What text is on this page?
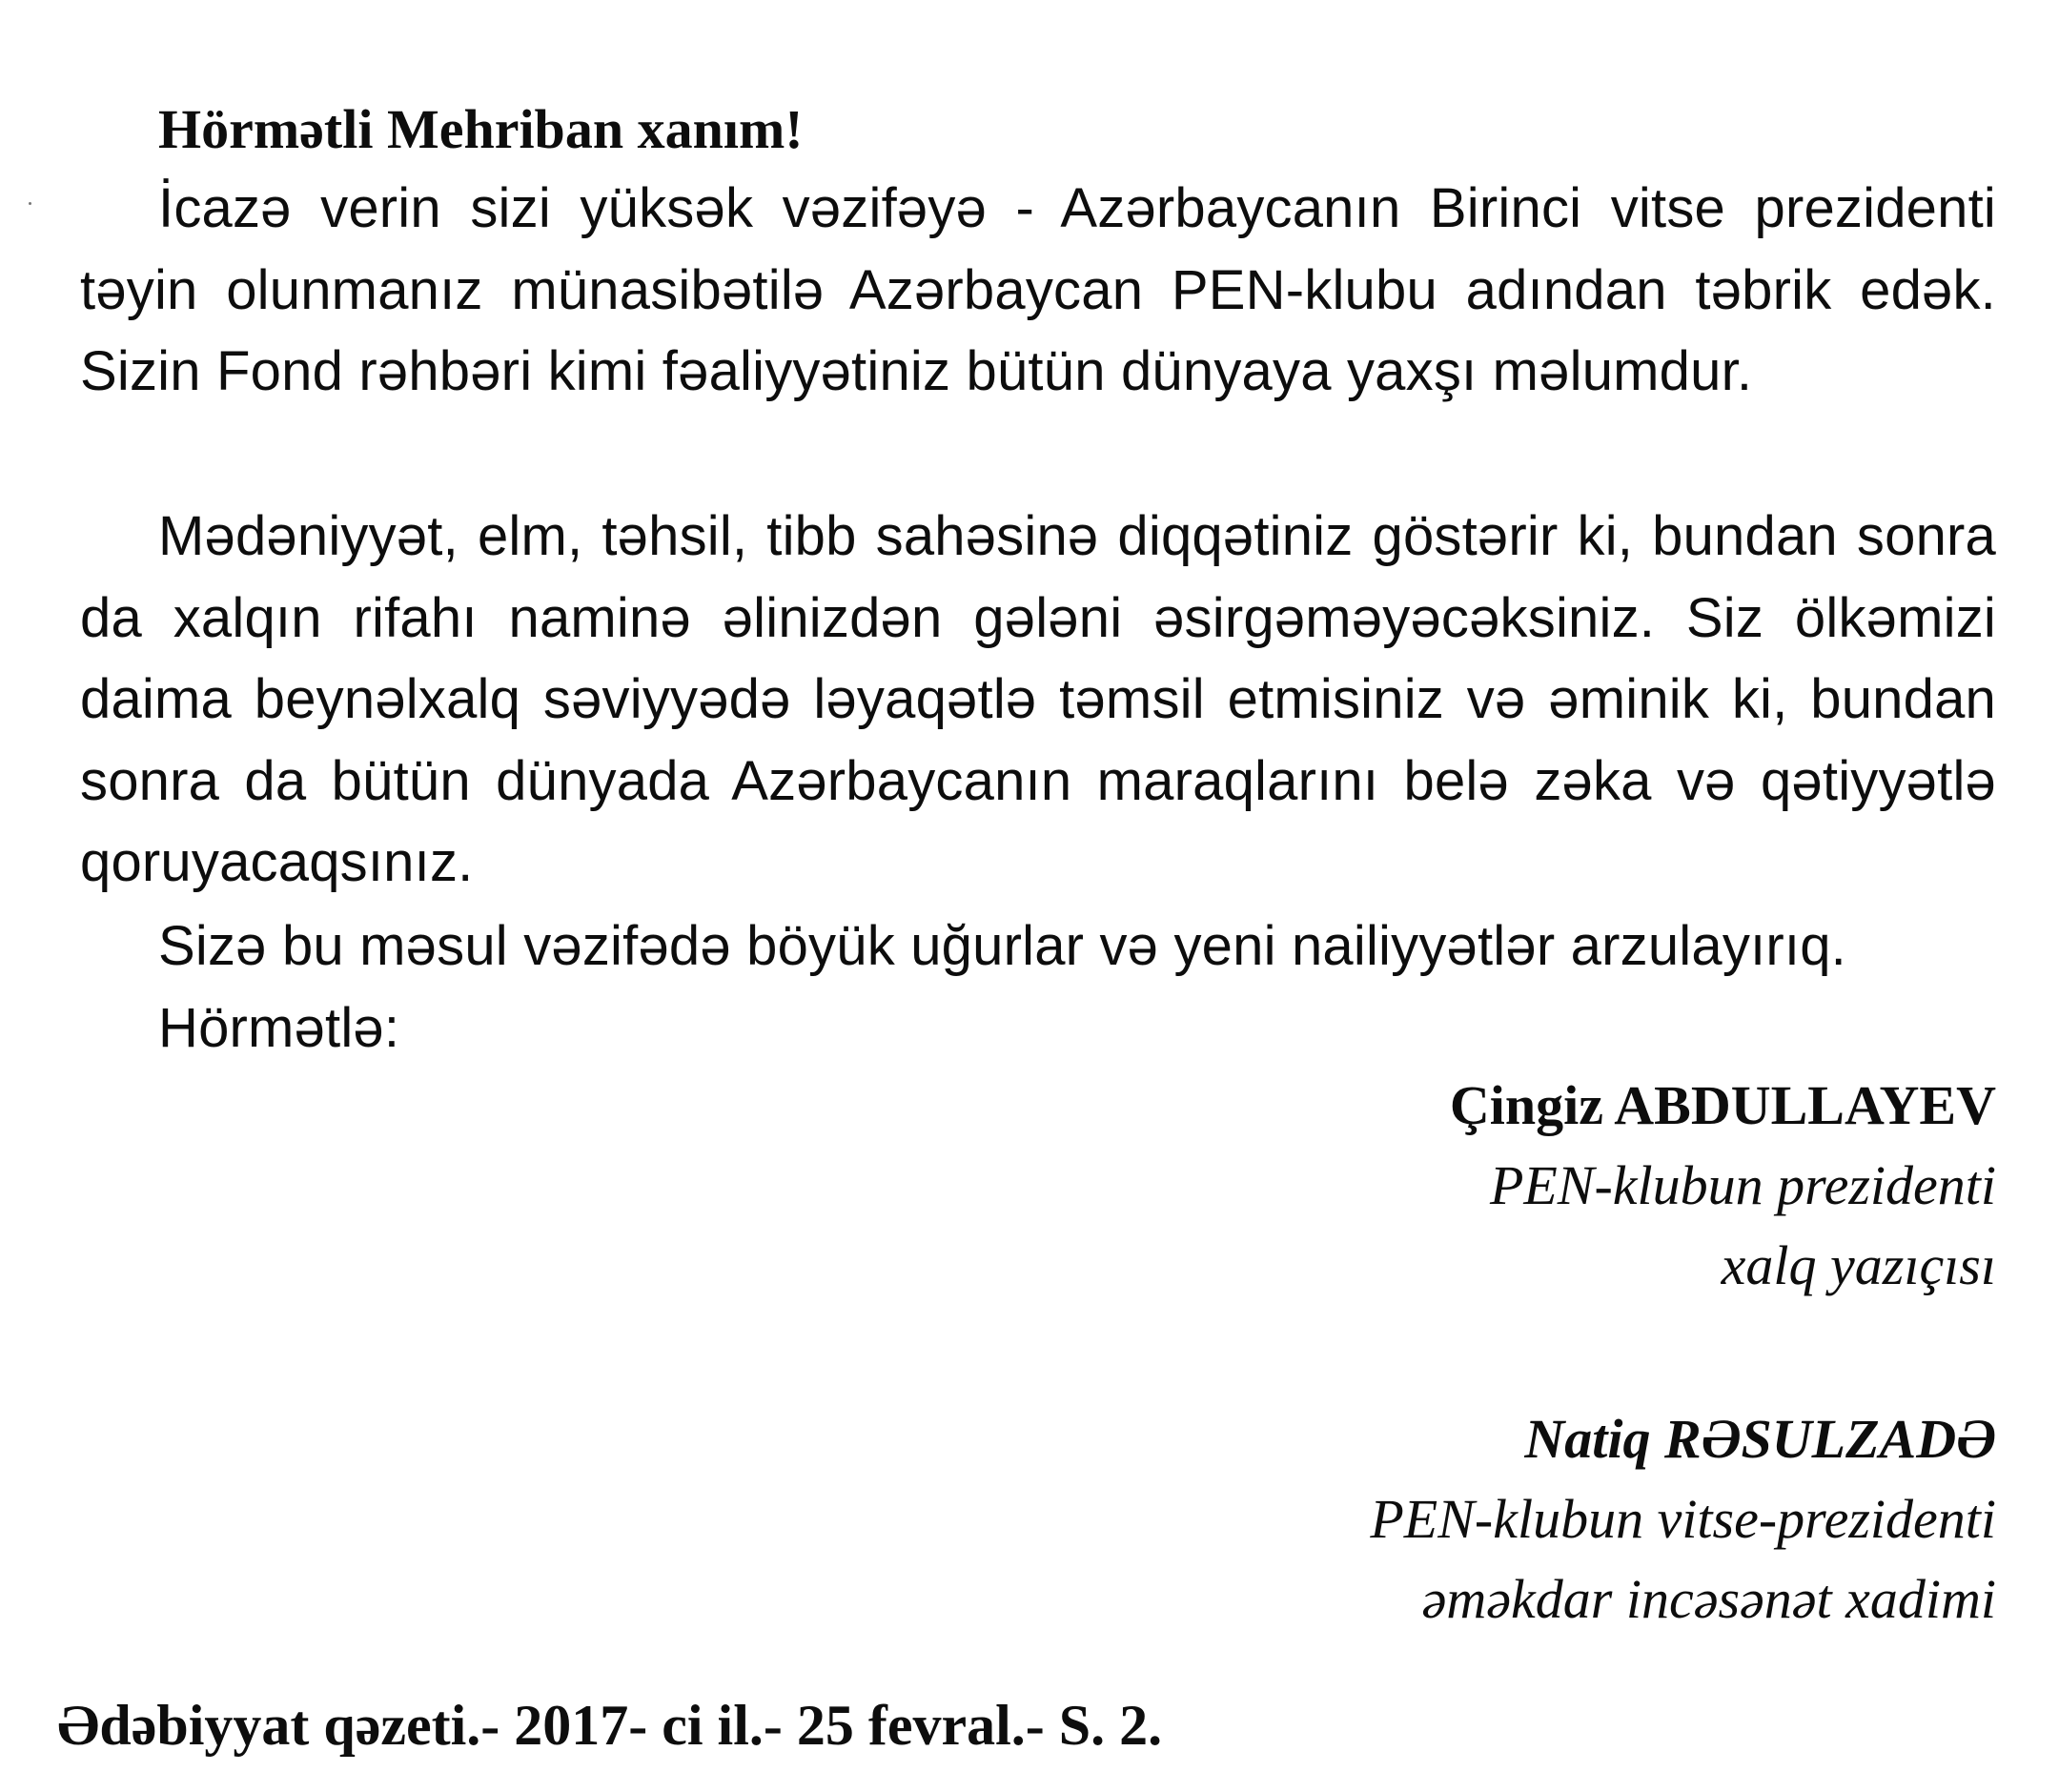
Hörmətli Mehriban xanım!

İcazə verin sizi yüksək vəzifəyə - Azərbaycanın Birinci vitse prezidenti təyin olunmanız münasibətilə Azərbaycan PEN-klubu adından təbrik edək. Sizin Fond rəhbəri kimi fəaliyyətiniz bütün dünyaya yaxşı məlumdur.

Mədəniyyət, elm, təhsil, tibb sahəsinə diqqətiniz göstərir ki, bundan sonra da xalqın rifahı naminə əlinizdən gələni əsirgəməyəcəksiniz. Siz ölkəmizi daima beynəlxalq səviyyədə ləyaqətlə təmsil etmisiniz və əminik ki, bundan sonra da bütün dünyada Azərbaycanın maraqlarını belə zəka və qətiyyətlə qoruyacaqsınız.

Sizə bu məsul vəzifədə böyük uğurlar və yeni nailiyyətlər arzulayırıq.

Hörmətlə:

Çingiz ABDULLAYEV
PEN-klubun prezidenti
xalq yazıçısı
Natiq RƏSULZADƏ
PEN-klubun vitse-prezidenti
əməkdar incəsənət xadimi

Ədəbiyyat qəzeti.- 2017- ci il.- 25 fevral.- S. 2.
